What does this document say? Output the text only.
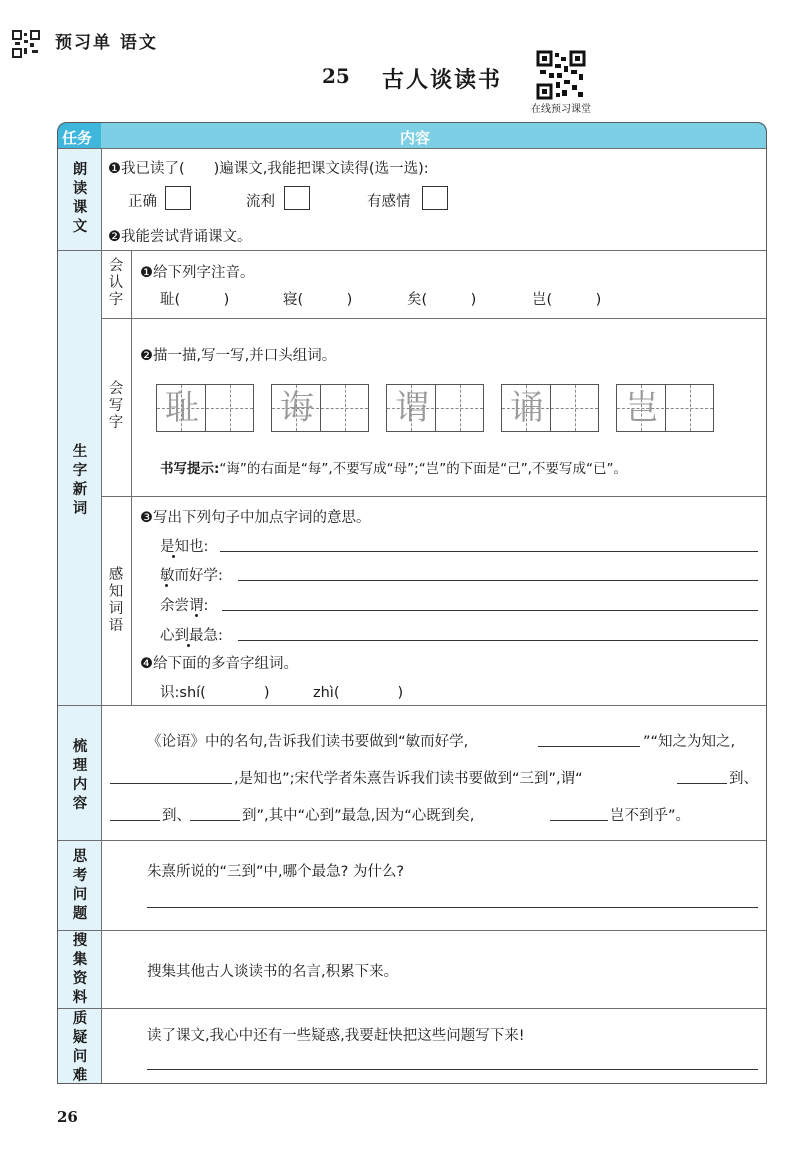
预习单 语文
25 古人谈读书
在线预习课堂
任务	内容
朗读课文
❶我已读了(　　)遍课文,我能把课文读得(选一选):
正确	流利	有感情
❷我能尝试背诵课文。
生字新词
会认字
❶给下列字注音。
耻(　　　)	寝(　　　)	矣(　　　)	岂(　　　)
会写字
❷描一描,写一写,并口头组词。
耻 诲 谓 诵 岂
书写提示:“诲”的右面是“每”,不要写成“母”;“岂”的下面是“己”,不要写成“已”。
感知词语
❸写出下列句子中加点字词的意思。
是知也:
敏而好学:
余尝谓:
心到最急:
❹给下面的多音字组词。
识:shí(　　　　)	zhì(　　　　)
梳理内容
《论语》中的名句,告诉我们读书要做到“敏而好学,	”“知之为知之,
,是知也”;宋代学者朱熹告诉我们读书要做到“三到”,谓“	到、
到、	到”,其中“心到”最急,因为“心既到矣,	岂不到乎”。
思考问题
朱熹所说的“三到”中,哪个最急? 为什么?
搜集资料
搜集其他古人谈读书的名言,积累下来。
质疑问难
读了课文,我心中还有一些疑惑,我要赶快把这些问题写下来!
26
